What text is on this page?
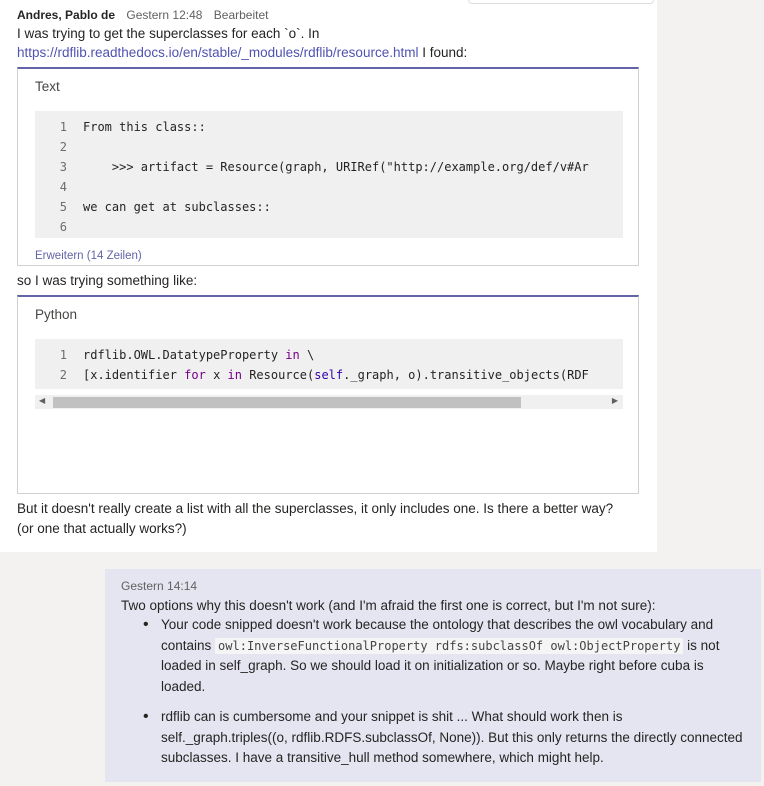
Andres, Pablo de Gestern 12:48 Bearbeitet
I was trying to get the superclasses for each `o`. In
https://rdflib.readthedocs.io/en/stable/_modules/rdflib/resource.html I found:
Text
1 From this class::
2
3 >>> artifact = Resource(graph, URIRef("http://example.org/def/v#Ar
4
5 we can get at subclasses::
6
Erweitern (14 Zeilen)
so I was trying something like:
Python
1 rdflib.OWL.DatatypeProperty in \
2 [x.identifier for x in Resource(self._graph, o).transitive_objects(RDF
◀	▶
But it doesn't really create a list with all the superclasses, it only includes one. Is there a better way?
(or one that actually works?)
Gestern 14:14
Two options why this doesn't work (and I'm afraid the first one is correct, but I'm not sure):
• Your code snipped doesn't work because the ontology that describes the owl vocabulary and contains owl:InverseFunctionalProperty rdfs:subclassOf owl:ObjectProperty is not loaded in self_graph. So we should load it on initialization or so. Maybe right before cuba is loaded.
• rdflib can is cumbersome and your snippet is shit ... What should work then is self._graph.triples((o, rdflib.RDFS.subclassOf, None)). But this only returns the directly connected subclasses. I have a transitive_hull method somewhere, which might help.
